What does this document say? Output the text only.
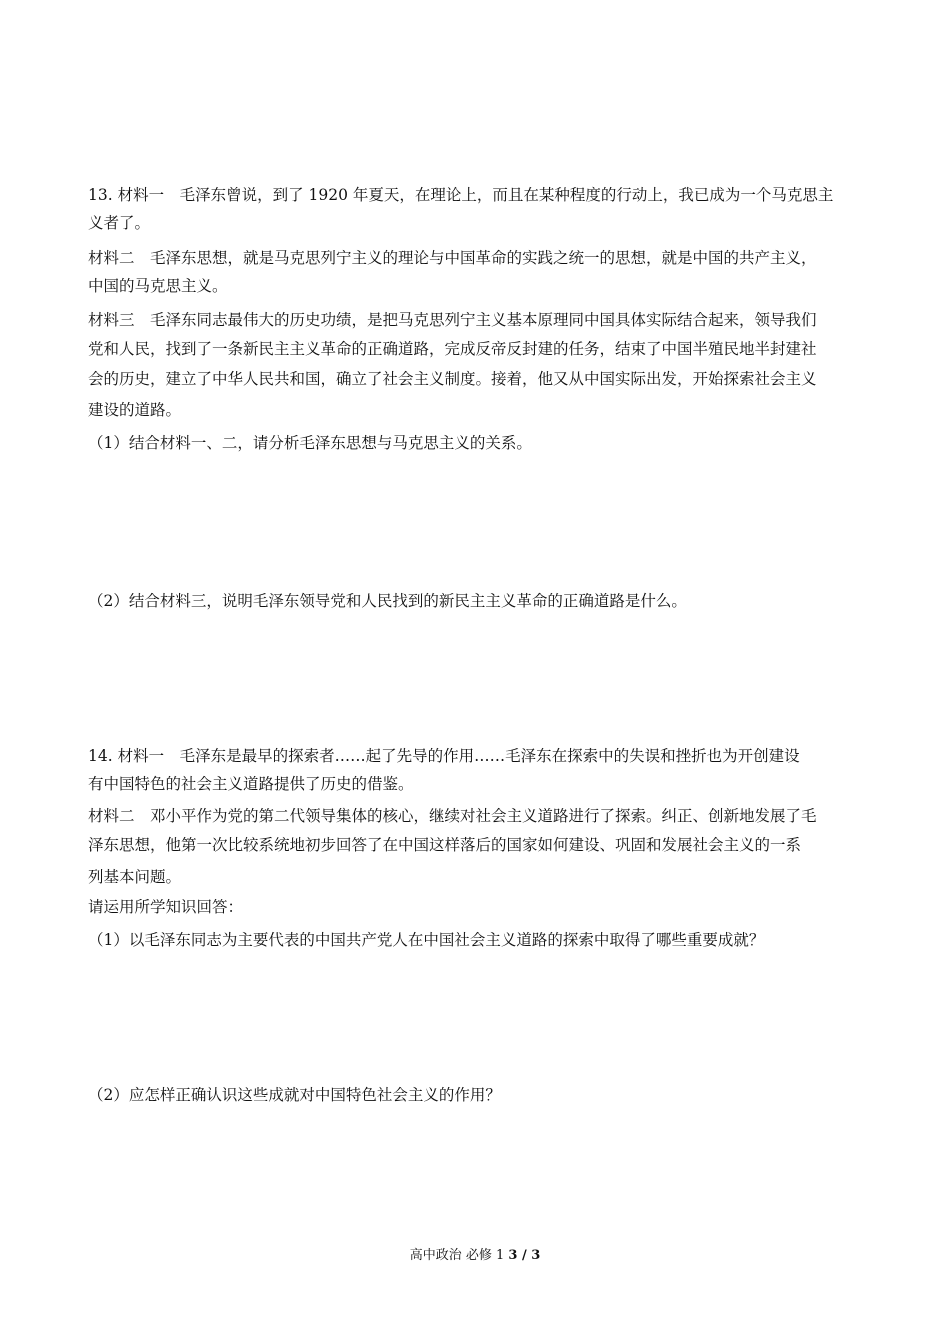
13. 材料一　毛泽东曾说，到了 1920 年夏天，在理论上，而且在某种程度的行动上，我已成为一个马克思主
义者了。
材料二　毛泽东思想，就是马克思列宁主义的理论与中国革命的实践之统一的思想，就是中国的共产主义，
中国的马克思主义。
材料三　毛泽东同志最伟大的历史功绩，是把马克思列宁主义基本原理同中国具体实际结合起来，领导我们
党和人民，找到了一条新民主主义革命的正确道路，完成反帝反封建的任务，结束了中国半殖民地半封建社
会的历史，建立了中华人民共和国，确立了社会主义制度。接着，他又从中国实际出发，开始探索社会主义
建设的道路。
（1）结合材料一、二，请分析毛泽东思想与马克思主义的关系。
（2）结合材料三，说明毛泽东领导党和人民找到的新民主主义革命的正确道路是什么。
14. 材料一　毛泽东是最早的探索者……起了先导的作用……毛泽东在探索中的失误和挫折也为开创建设
有中国特色的社会主义道路提供了历史的借鉴。
材料二　邓小平作为党的第二代领导集体的核心，继续对社会主义道路进行了探索。纠正、创新地发展了毛
泽东思想，他第一次比较系统地初步回答了在中国这样落后的国家如何建设、巩固和发展社会主义的一系
列基本问题。
请运用所学知识回答：
（1）以毛泽东同志为主要代表的中国共产党人在中国社会主义道路的探索中取得了哪些重要成就？
（2）应怎样正确认识这些成就对中国特色社会主义的作用？
高中政治 必修 1 3 / 3
